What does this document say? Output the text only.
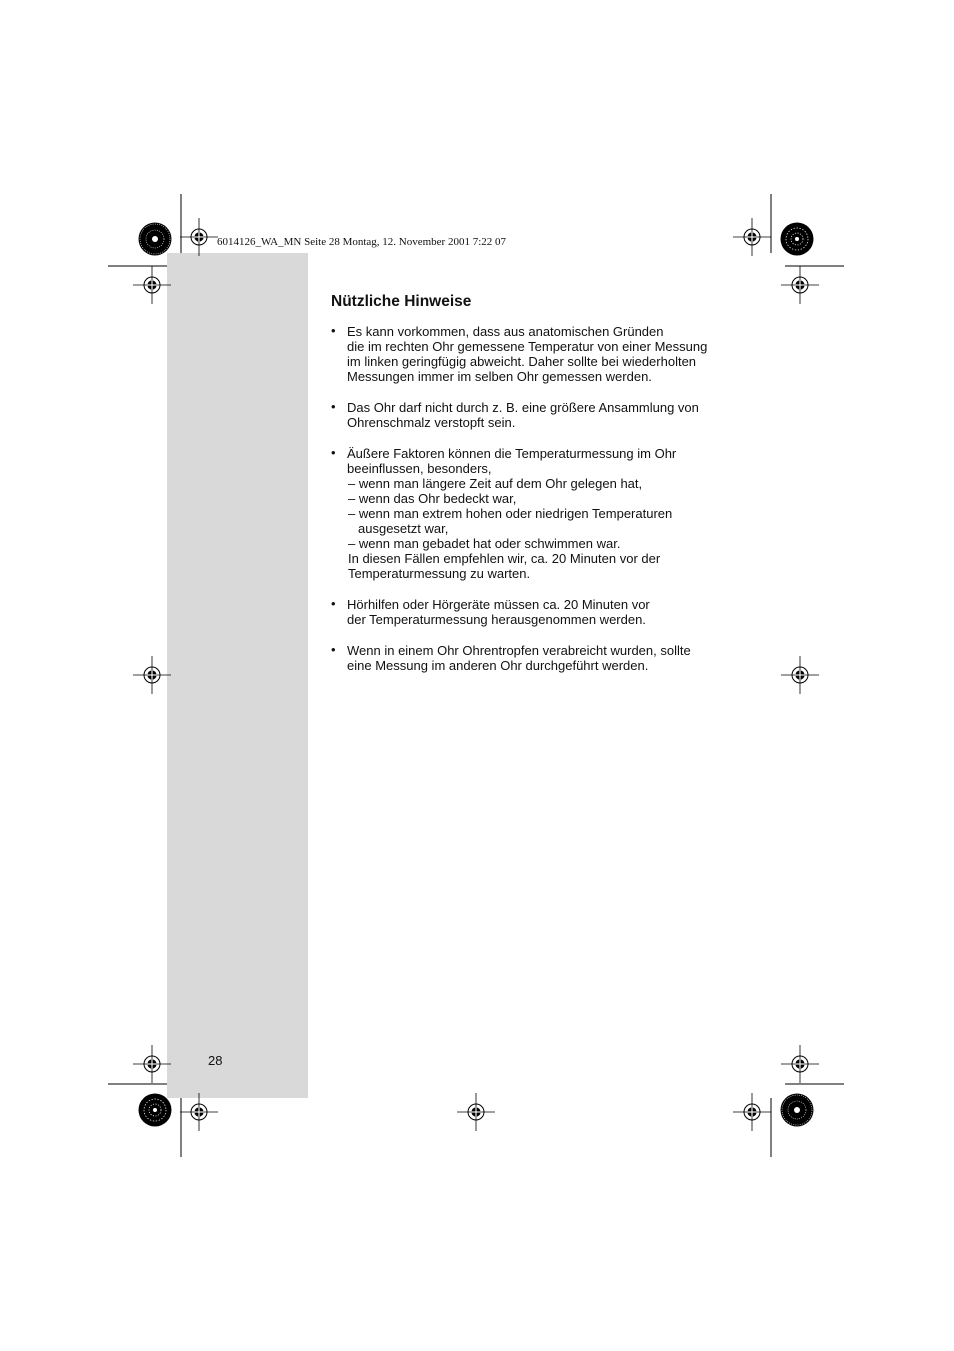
6014126_WA_MN Seite 28 Montag, 12. November 2001 7:22 07
Nützliche Hinweise
• Es kann vorkommen, dass aus anatomischen Gründen
die im rechten Ohr gemessene Temperatur von einer Messung
im linken geringfügig abweicht. Daher sollte bei wiederholten
Messungen immer im selben Ohr gemessen werden.
• Das Ohr darf nicht durch z. B. eine größere Ansammlung von
Ohrenschmalz verstopft sein.
• Äußere Faktoren können die Temperaturmessung im Ohr
beeinflussen, besonders,
– wenn man längere Zeit auf dem Ohr gelegen hat,
– wenn das Ohr bedeckt war,
– wenn man extrem hohen oder niedrigen Temperaturen
ausgesetzt war,
– wenn man gebadet hat oder schwimmen war.
In diesen Fällen empfehlen wir, ca. 20 Minuten vor der
Temperaturmessung zu warten.
• Hörhilfen oder Hörgeräte müssen ca. 20 Minuten vor
der Temperaturmessung herausgenommen werden.
• Wenn in einem Ohr Ohrentropfen verabreicht wurden, sollte
eine Messung im anderen Ohr durchgeführt werden.
28
